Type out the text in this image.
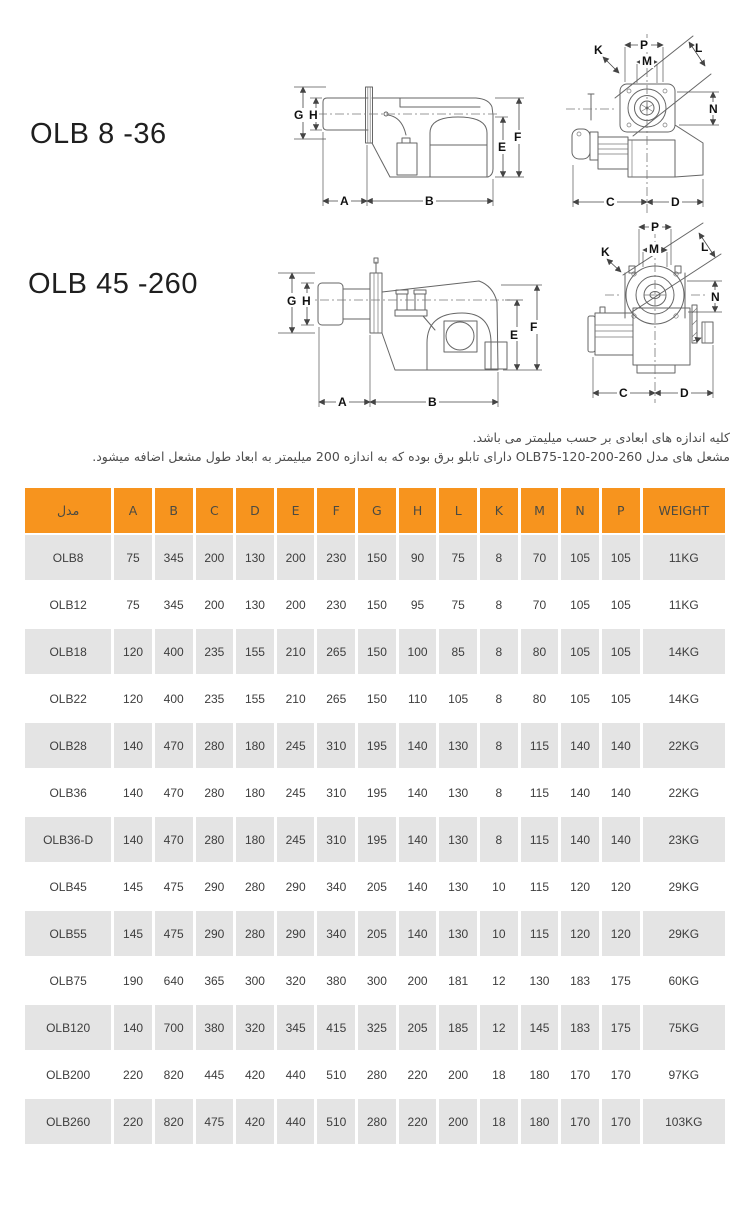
OLB 8 -36
OLB 45 -260
G H
E
F
A	B
P
M
K	L
N
C	D
G H
E
F
A	B
P
M
K	L
N
C	D

کلیه اندازه های ابعادی بر حسب میلیمتر می باشد.

مشعل های مدل OLB75-120-200-260 دارای تابلو برق بوده که به اندازه 200 میلیمتر به ابعاد طول مشعل اضافه میشود.

مدل	A	B	C	D	E	F	G	H	L	K	M	N	P	WEIGHT
OLB8	75	345	200	130	200	230	150	90	75	8	70	105	105	11KG
OLB12	75	345	200	130	200	230	150	95	75	8	70	105	105	11KG
OLB18	120	400	235	155	210	265	150	100	85	8	80	105	105	14KG
OLB22	120	400	235	155	210	265	150	110	105	8	80	105	105	14KG
OLB28	140	470	280	180	245	310	195	140	130	8	115	140	140	22KG
OLB36	140	470	280	180	245	310	195	140	130	8	115	140	140	22KG
OLB36-D	140	470	280	180	245	310	195	140	130	8	115	140	140	23KG
OLB45	145	475	290	280	290	340	205	140	130	10	115	120	120	29KG
OLB55	145	475	290	280	290	340	205	140	130	10	115	120	120	29KG
OLB75	190	640	365	300	320	380	300	200	181	12	130	183	175	60KG
OLB120	140	700	380	320	345	415	325	205	185	12	145	183	175	75KG
OLB200	220	820	445	420	440	510	280	220	200	18	180	170	170	97KG
OLB260	220	820	475	420	440	510	280	220	200	18	180	170	170	103KG
